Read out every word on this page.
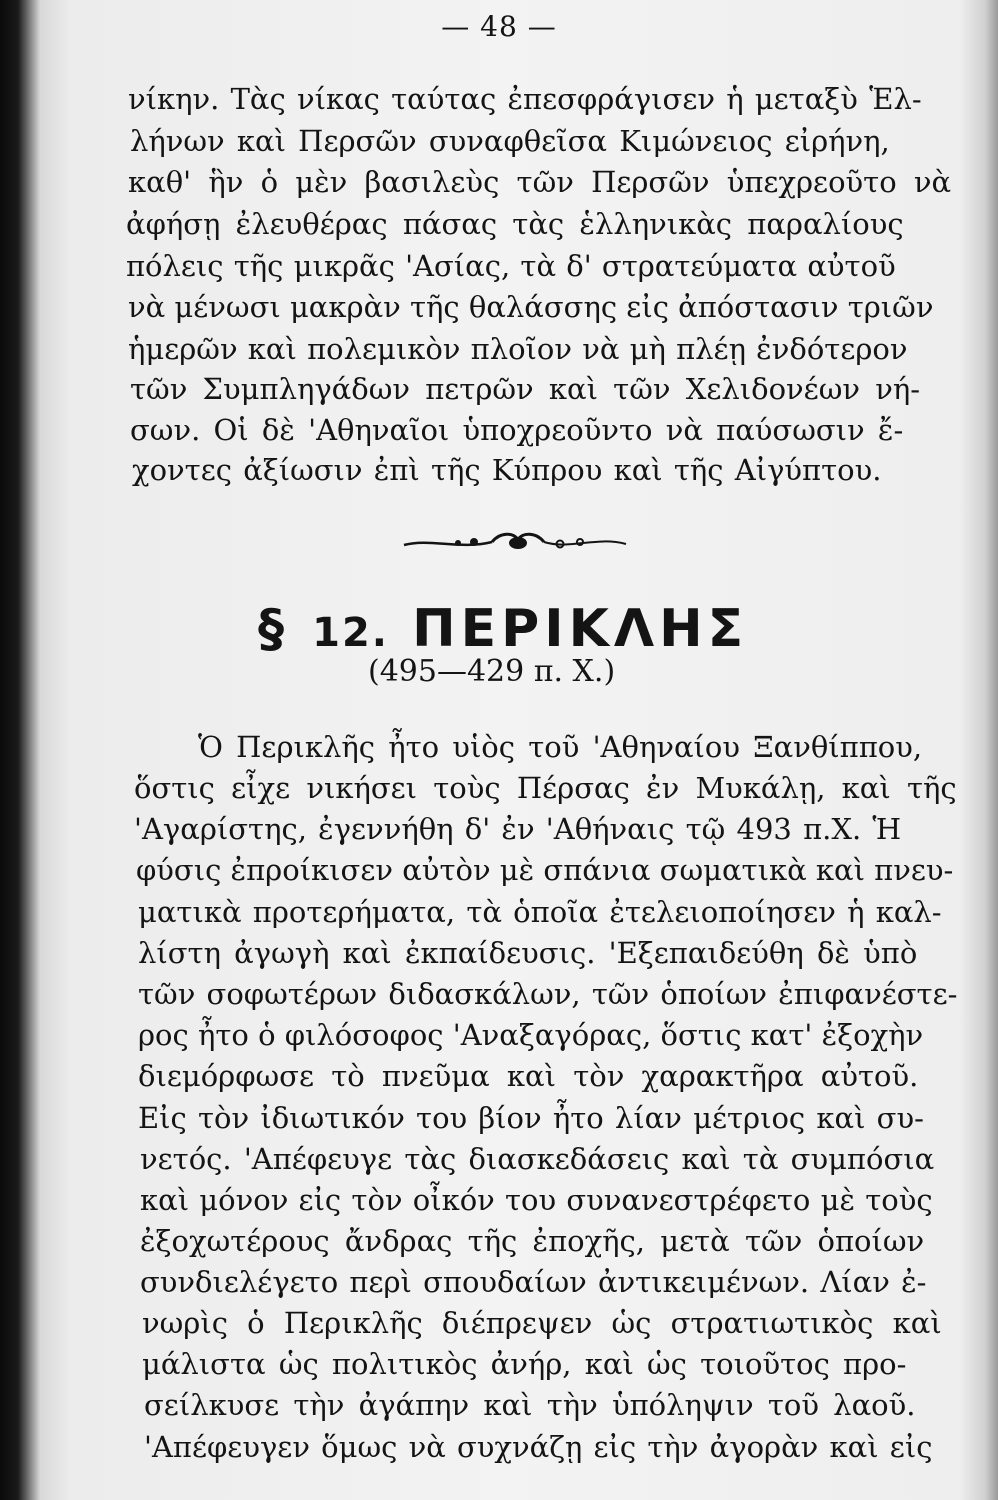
— 48 —
νίκην. Τὰς νίκας ταύτας ἐπεσφράγισεν ἡ μεταξὺ Ἑλ-
λήνων καὶ Περσῶν συναφθεῖσα Κιμώνειος εἰρήνη,
καθ' ἣν ὁ μὲν βασιλεὺς τῶν Περσῶν ὑπεχρεοῦτο νὰ
ἀφήσῃ ἐλευθέρας πάσας τὰς ἑλληνικὰς παραλίους
πόλεις τῆς μικρᾶς 'Ασίας, τὰ δ' στρατεύματα αὐτοῦ
νὰ μένωσι μακρὰν τῆς θαλάσσης εἰς ἀπόστασιν τριῶν
ἡμερῶν καὶ πολεμικὸν πλοῖον νὰ μὴ πλέῃ ἐνδότερον
τῶν Συμπληγάδων πετρῶν καὶ τῶν Χελιδονέων νή-
σων. Οἱ δὲ 'Αθηναῖοι ὑποχρεοῦντο νὰ παύσωσιν ἔ-
χοντες ἀξίωσιν ἐπὶ τῆς Κύπρου καὶ τῆς Αἰγύπτου.
§ 12. ΠΕΡΙΚΛΗΣ
(495—429 π. Χ.)
Ὁ Περικλῆς ἦτο υἱὸς τοῦ 'Αθηναίου Ξανθίππου,
ὅστις εἶχε νικήσει τοὺς Πέρσας ἐν Μυκάλῃ, καὶ τῆς
'Αγαρίστης, ἐγεννήθη δ' ἐν 'Αθήναις τῷ 493 π.Χ. Ἡ
φύσις ἐπροίκισεν αὐτὸν μὲ σπάνια σωματικὰ καὶ πνευ-
ματικὰ προτερήματα, τὰ ὁποῖα ἐτελειοποίησεν ἡ καλ-
λίστη ἀγωγὴ καὶ ἐκπαίδευσις. 'Εξεπαιδεύθη δὲ ὑπὸ
τῶν σοφωτέρων διδασκάλων, τῶν ὁποίων ἐπιφανέστε-
ρος ἦτο ὁ φιλόσοφος 'Αναξαγόρας, ὅστις κατ' ἐξοχὴν
διεμόρφωσε τὸ πνεῦμα καὶ τὸν χαρακτῆρα αὐτοῦ.
Εἰς τὸν ἰδιωτικόν του βίον ἦτο λίαν μέτριος καὶ συ-
νετός. 'Απέφευγε τὰς διασκεδάσεις καὶ τὰ συμπόσια
καὶ μόνον εἰς τὸν οἶκόν του συνανεστρέφετο μὲ τοὺς
ἐξοχωτέρους ἄνδρας τῆς ἐποχῆς, μετὰ τῶν ὁποίων
συνδιελέγετο περὶ σπουδαίων ἀντικειμένων. Λίαν ἐ-
νωρὶς ὁ Περικλῆς διέπρεψεν ὡς στρατιωτικὸς καὶ
μάλιστα ὡς πολιτικὸς ἀνήρ, καὶ ὡς τοιοῦτος προ-
σείλκυσε τὴν ἀγάπην καὶ τὴν ὑπόληψιν τοῦ λαοῦ.
'Απέφευγεν ὅμως νὰ συχνάζῃ εἰς τὴν ἀγορὰν καὶ εἰς
